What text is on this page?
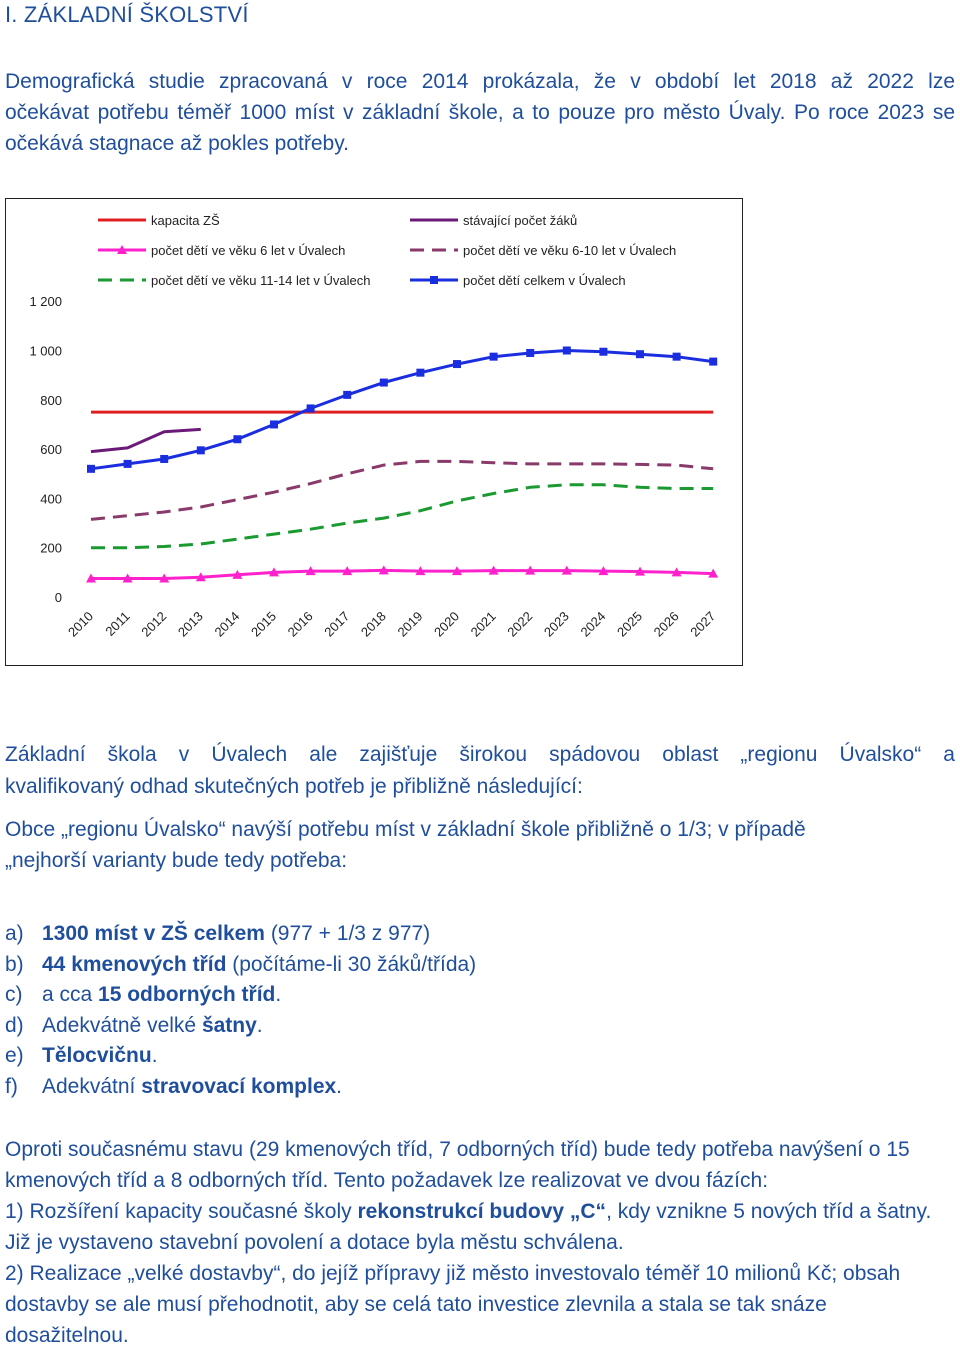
I. ZÁKLADNÍ ŠKOLSTVÍ

Demografická studie zpracovaná v roce 2014 prokázala, že v období let 2018 až 2022 lze

očekávat potřebu téměř 1000 míst v základní škole, a to pouze pro město Úvaly. Po roce 2023 se očekává stagnace až pokles potřeby.

0
200
400
600
800
1 000
1 200
2010 2011 2012 2013 2014 2015 2016 2017 2018 2019 2020 2021 2022 2023 2024 2025 2026 2027
kapacita ZŠ	stávající počet žáků
počet dětí ve věku 6 let v Úvalech	počet dětí ve věku 6-10 let v Úvalech
počet dětí ve věku 11-14 let v Úvalech	počet dětí celkem v Úvalech

Základní škola v Úvalech ale zajišťuje širokou spádovou oblast „regionu Úvalsko“ a

kvalifikovaný odhad skutečných potřeb je přibližně následující:

Obce „regionu Úvalsko“ navýší potřebu míst v základní škole přibližně o 1/3; v případě

„nejhorší varianty bude tedy potřeba:

a) 1300 míst v ZŠ celkem (977 + 1/3 z 977)
b) 44 kmenových tříd (počítáme-li 30 žáků/třída)
c) a cca 15 odborných tříd.
d) Adekvátně velké šatny.
e) Tělocvičnu.
f)	Adekvátní stravovací komplex.

Oproti současnému stavu (29 kmenových tříd, 7 odborných tříd) bude tedy potřeba navýšení o 15 kmenových tříd a 8 odborných tříd. Tento požadavek lze realizovat ve dvou fázích:

1) Rozšíření kapacity současné školy rekonstrukcí budovy „C“, kdy vznikne 5 nových tříd a šatny. Již je vystaveno stavební povolení a dotace byla městu schválena.

2) Realizace „velké dostavby“, do jejíž přípravy již město investovalo téměř 10 milionů Kč; obsah dostavby se ale musí přehodnotit, aby se celá tato investice zlevnila a stala se tak snáze dosažitelnou.
